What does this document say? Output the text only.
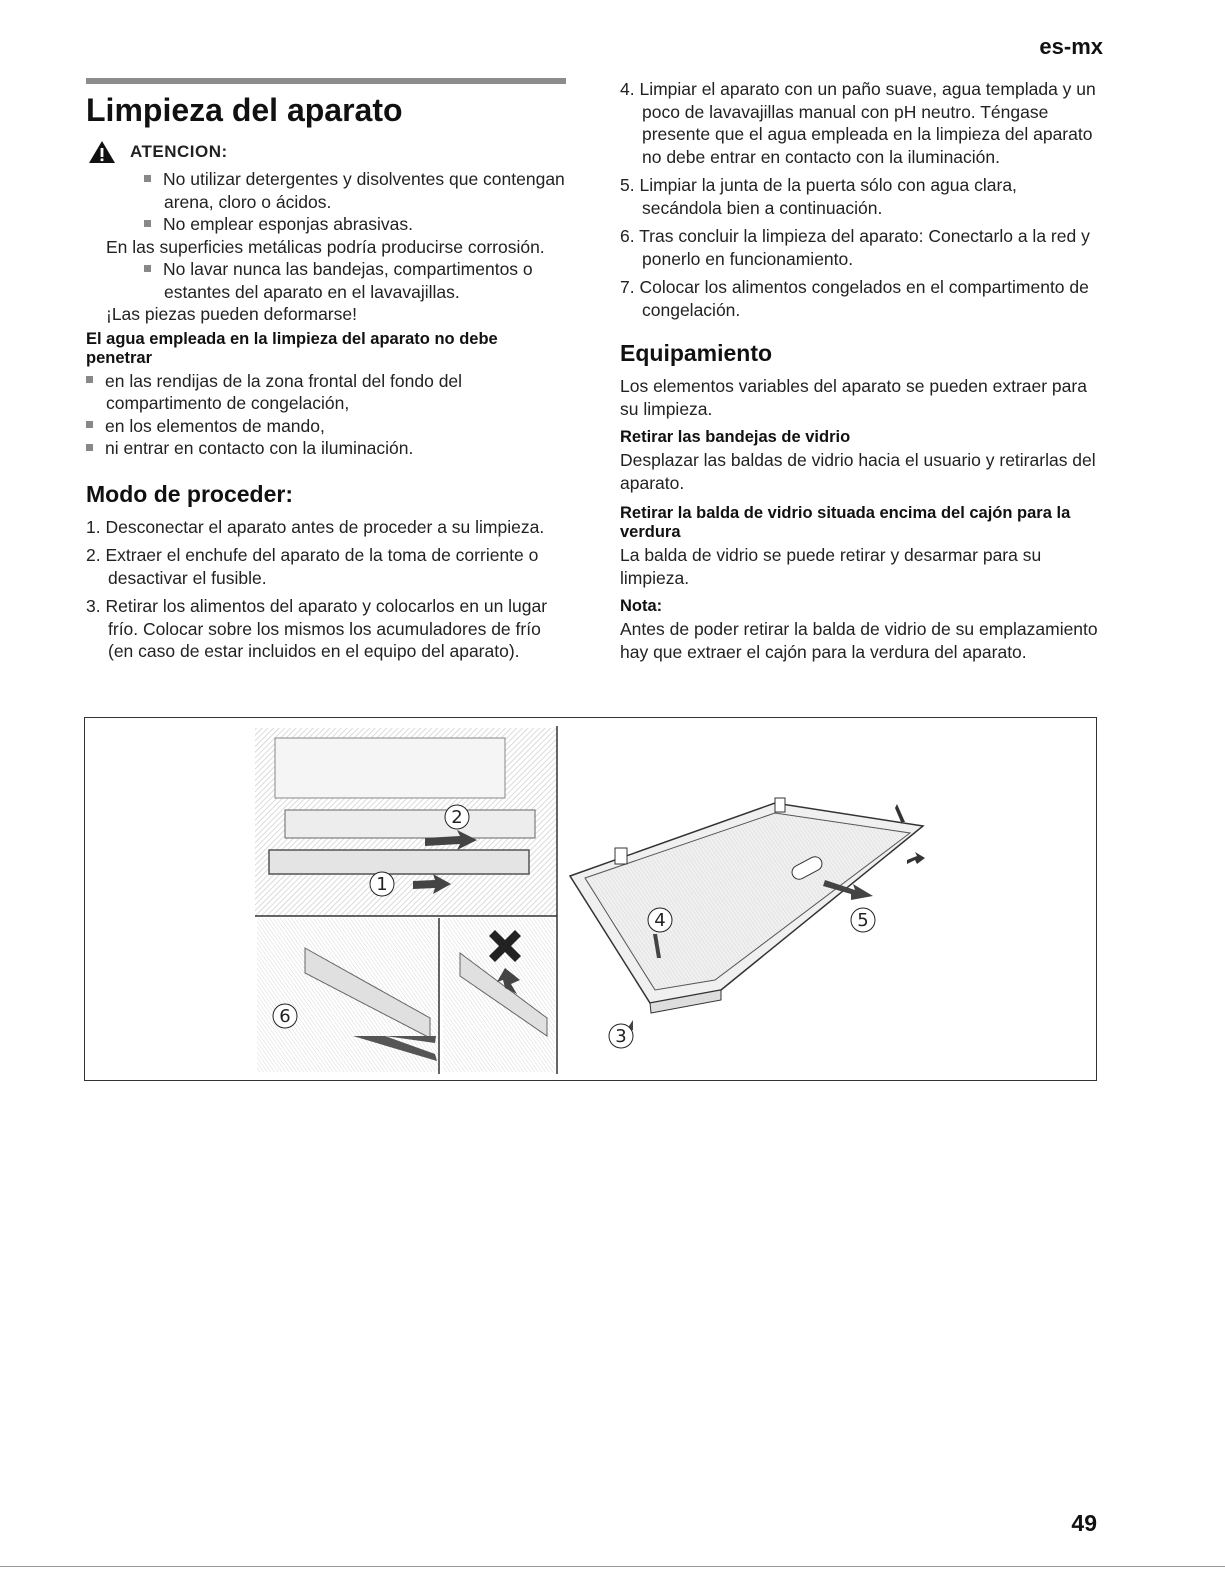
es-mx
Limpieza del aparato
ATENCION:

No utilizar detergentes y disolventes que contengan arena, cloro o ácidos.

No emplear esponjas abrasivas.

En las superficies metálicas podría producirse corrosión.

No lavar nunca las bandejas, compartimentos o estantes del aparato en el lavavajillas.

¡Las piezas pueden deformarse!

El agua empleada en la limpieza del aparato no debe penetrar

en las rendijas de la zona frontal del fondo del compartimento de congelación,

en los elementos de mando,

ni entrar en contacto con la iluminación.

Modo de proceder:
1. Desconectar el aparato antes de proceder a su limpieza.
2. Extraer el enchufe del aparato de la toma de corriente o desactivar el fusible.
3. Retirar los alimentos del aparato y colocarlos en un lugar frío. Colocar sobre los mismos los acumuladores de frío (en caso de estar incluidos en el equipo del aparato).
4. Limpiar el aparato con un paño suave, agua templada y un poco de lavavajillas manual con pH neutro. Téngase presente que el agua empleada en la limpieza del aparato no debe entrar en contacto con la iluminación.
5. Limpiar la junta de la puerta sólo con agua clara, secándola bien a continuación.
6. Tras concluir la limpieza del aparato: Conectarlo a la red y ponerlo en funcionamiento.
7. Colocar los alimentos congelados en el compartimento de congelación.
Equipamiento

Los elementos variables del aparato se pueden extraer para su limpieza.

Retirar las bandejas de vidrio

Desplazar las baldas de vidrio hacia el usuario y retirarlas del aparato.

Retirar la balda de vidrio situada encima del cajón para la verdura

La balda de vidrio se puede retirar y desarmar para su limpieza.

Nota:

Antes de poder retirar la balda de vidrio de su emplazamiento hay que extraer el cajón para la verdura del aparato.

2
1
6
4	5
3
49
